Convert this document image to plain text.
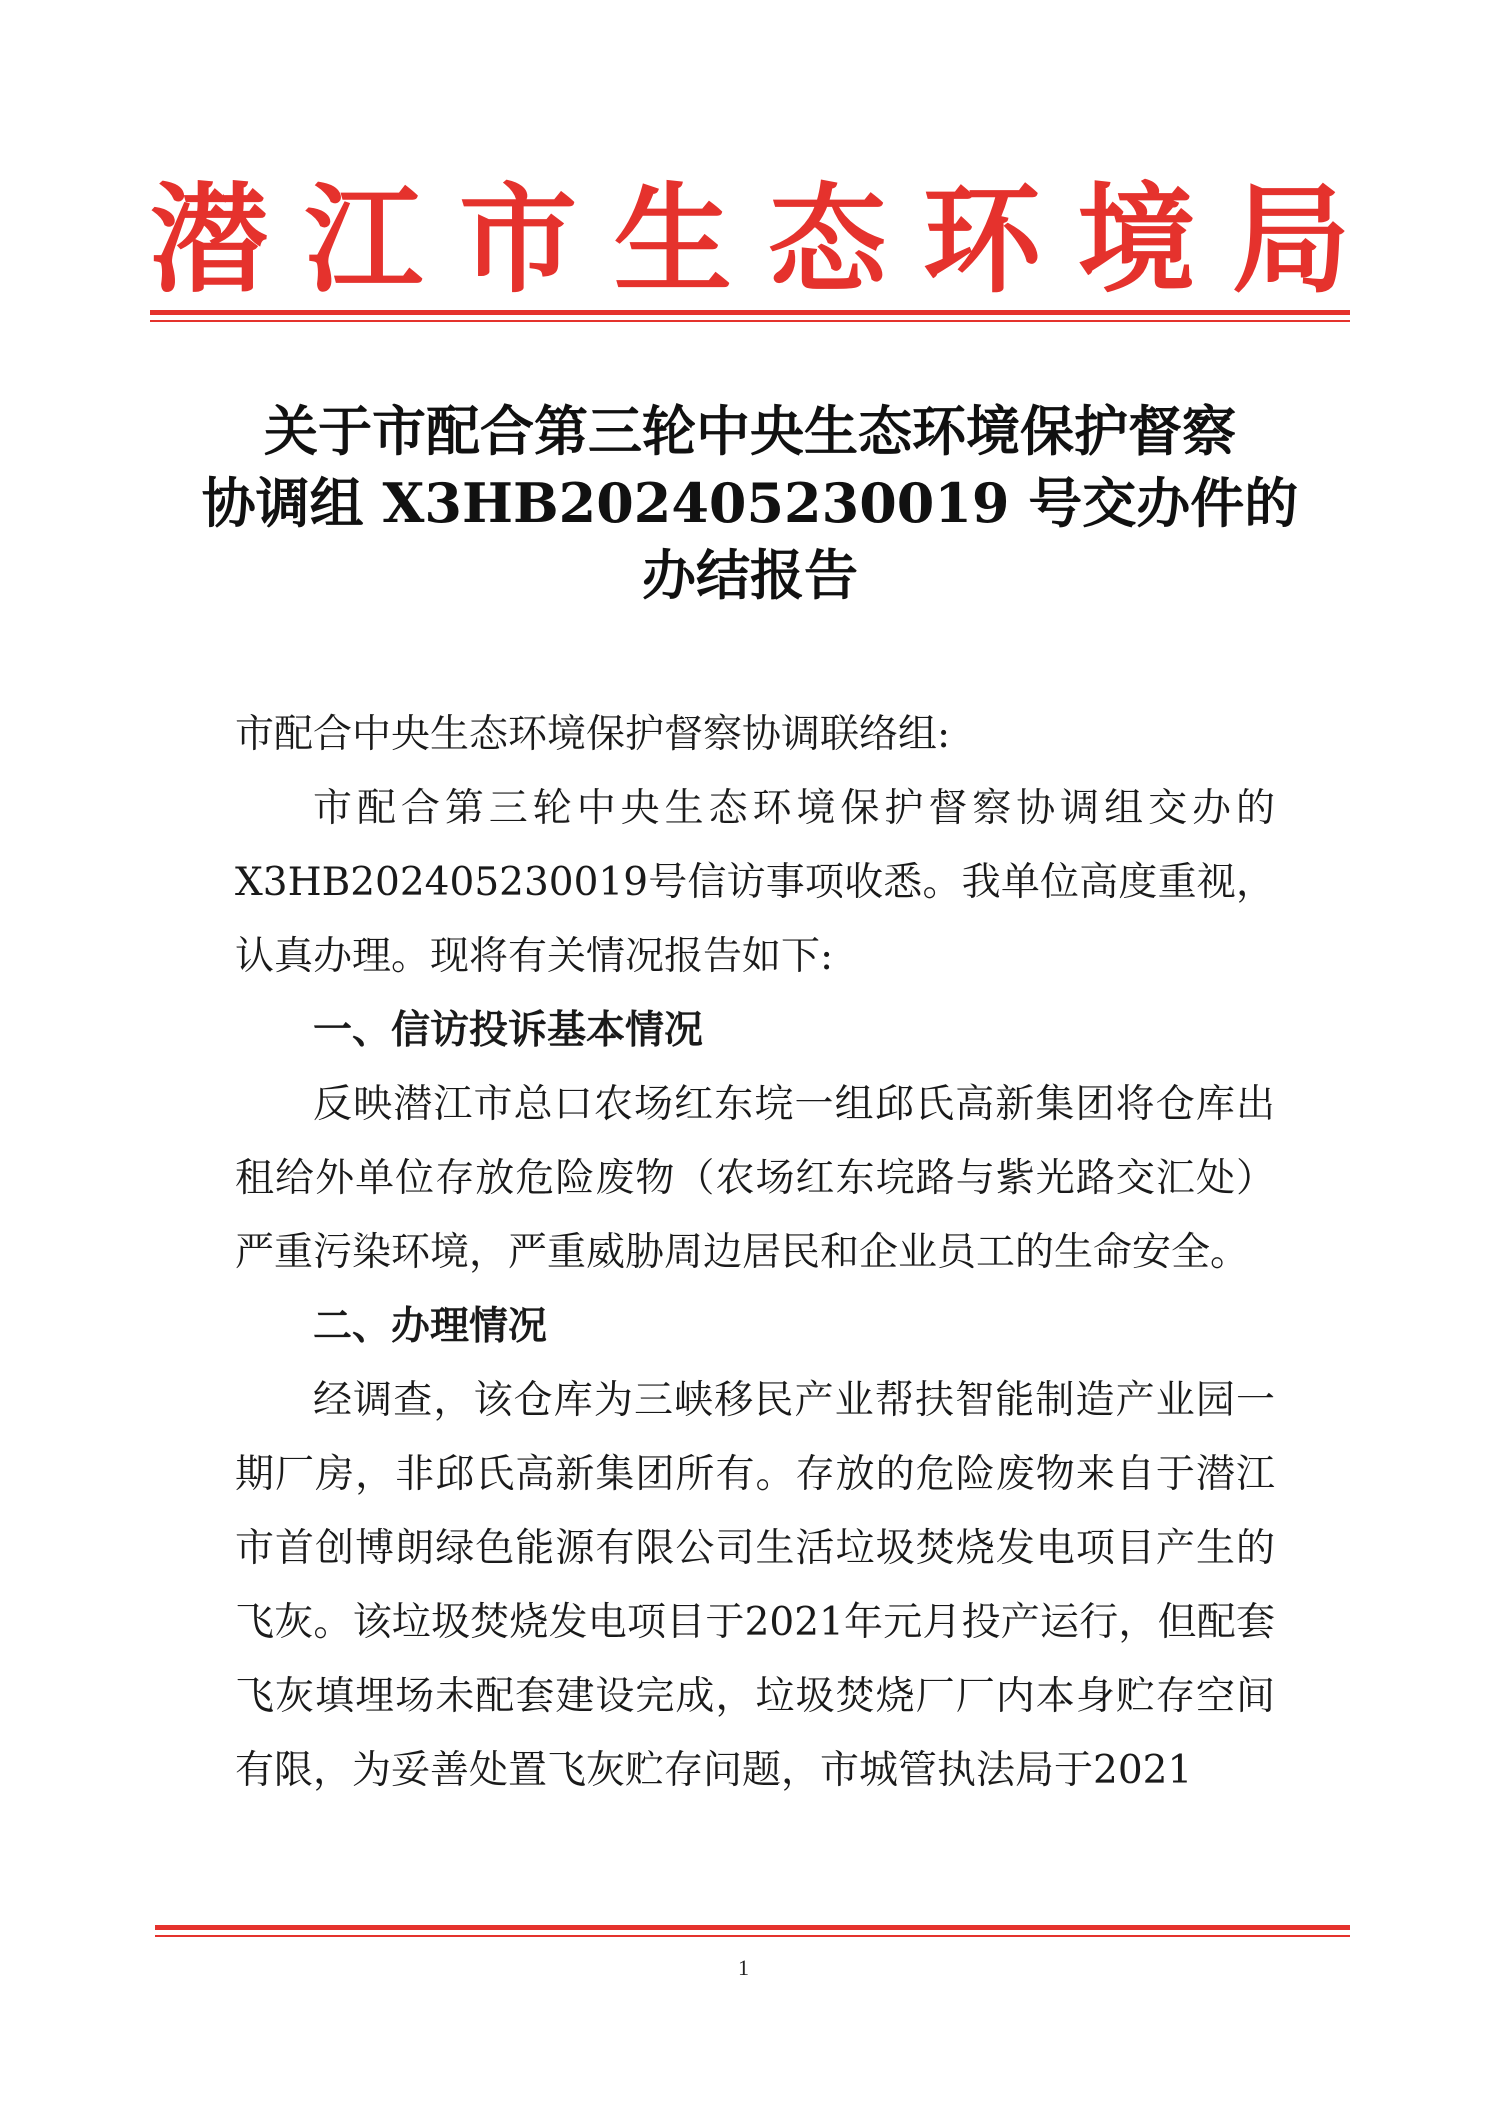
潜 江 市 生 态 环 境 局
关于市配合第三轮中央生态环境保护督察
协调组 X3HB202405230019 号交办件的
办结报告

市配合中央生态环境保护督察协调联络组:

市配合第三轮中央生态环境保护督察协调组交办的X3HB202405230019号信访事项收悉。我单位高度重视，认真办理。现将有关情况报告如下:

一、信访投诉基本情况

反映潜江市总口农场红东垸一组邱氏高新集团将仓库出租给外单位存放危险废物（农场红东垸路与紫光路交汇处）严重污染环境，严重威胁周边居民和企业员工的生命安全。

二、办理情况

经调查，该仓库为三峡移民产业帮扶智能制造产业园一期厂房，非邱氏高新集团所有。存放的危险废物来自于潜江市首创博朗绿色能源有限公司生活垃圾焚烧发电项目产生的飞灰。该垃圾焚烧发电项目于2021年元月投产运行，但配套飞灰填埋场未配套建设完成，垃圾焚烧厂厂内本身贮存空间有限，为妥善处置飞灰贮存问题，市城管执法局于2021

1
